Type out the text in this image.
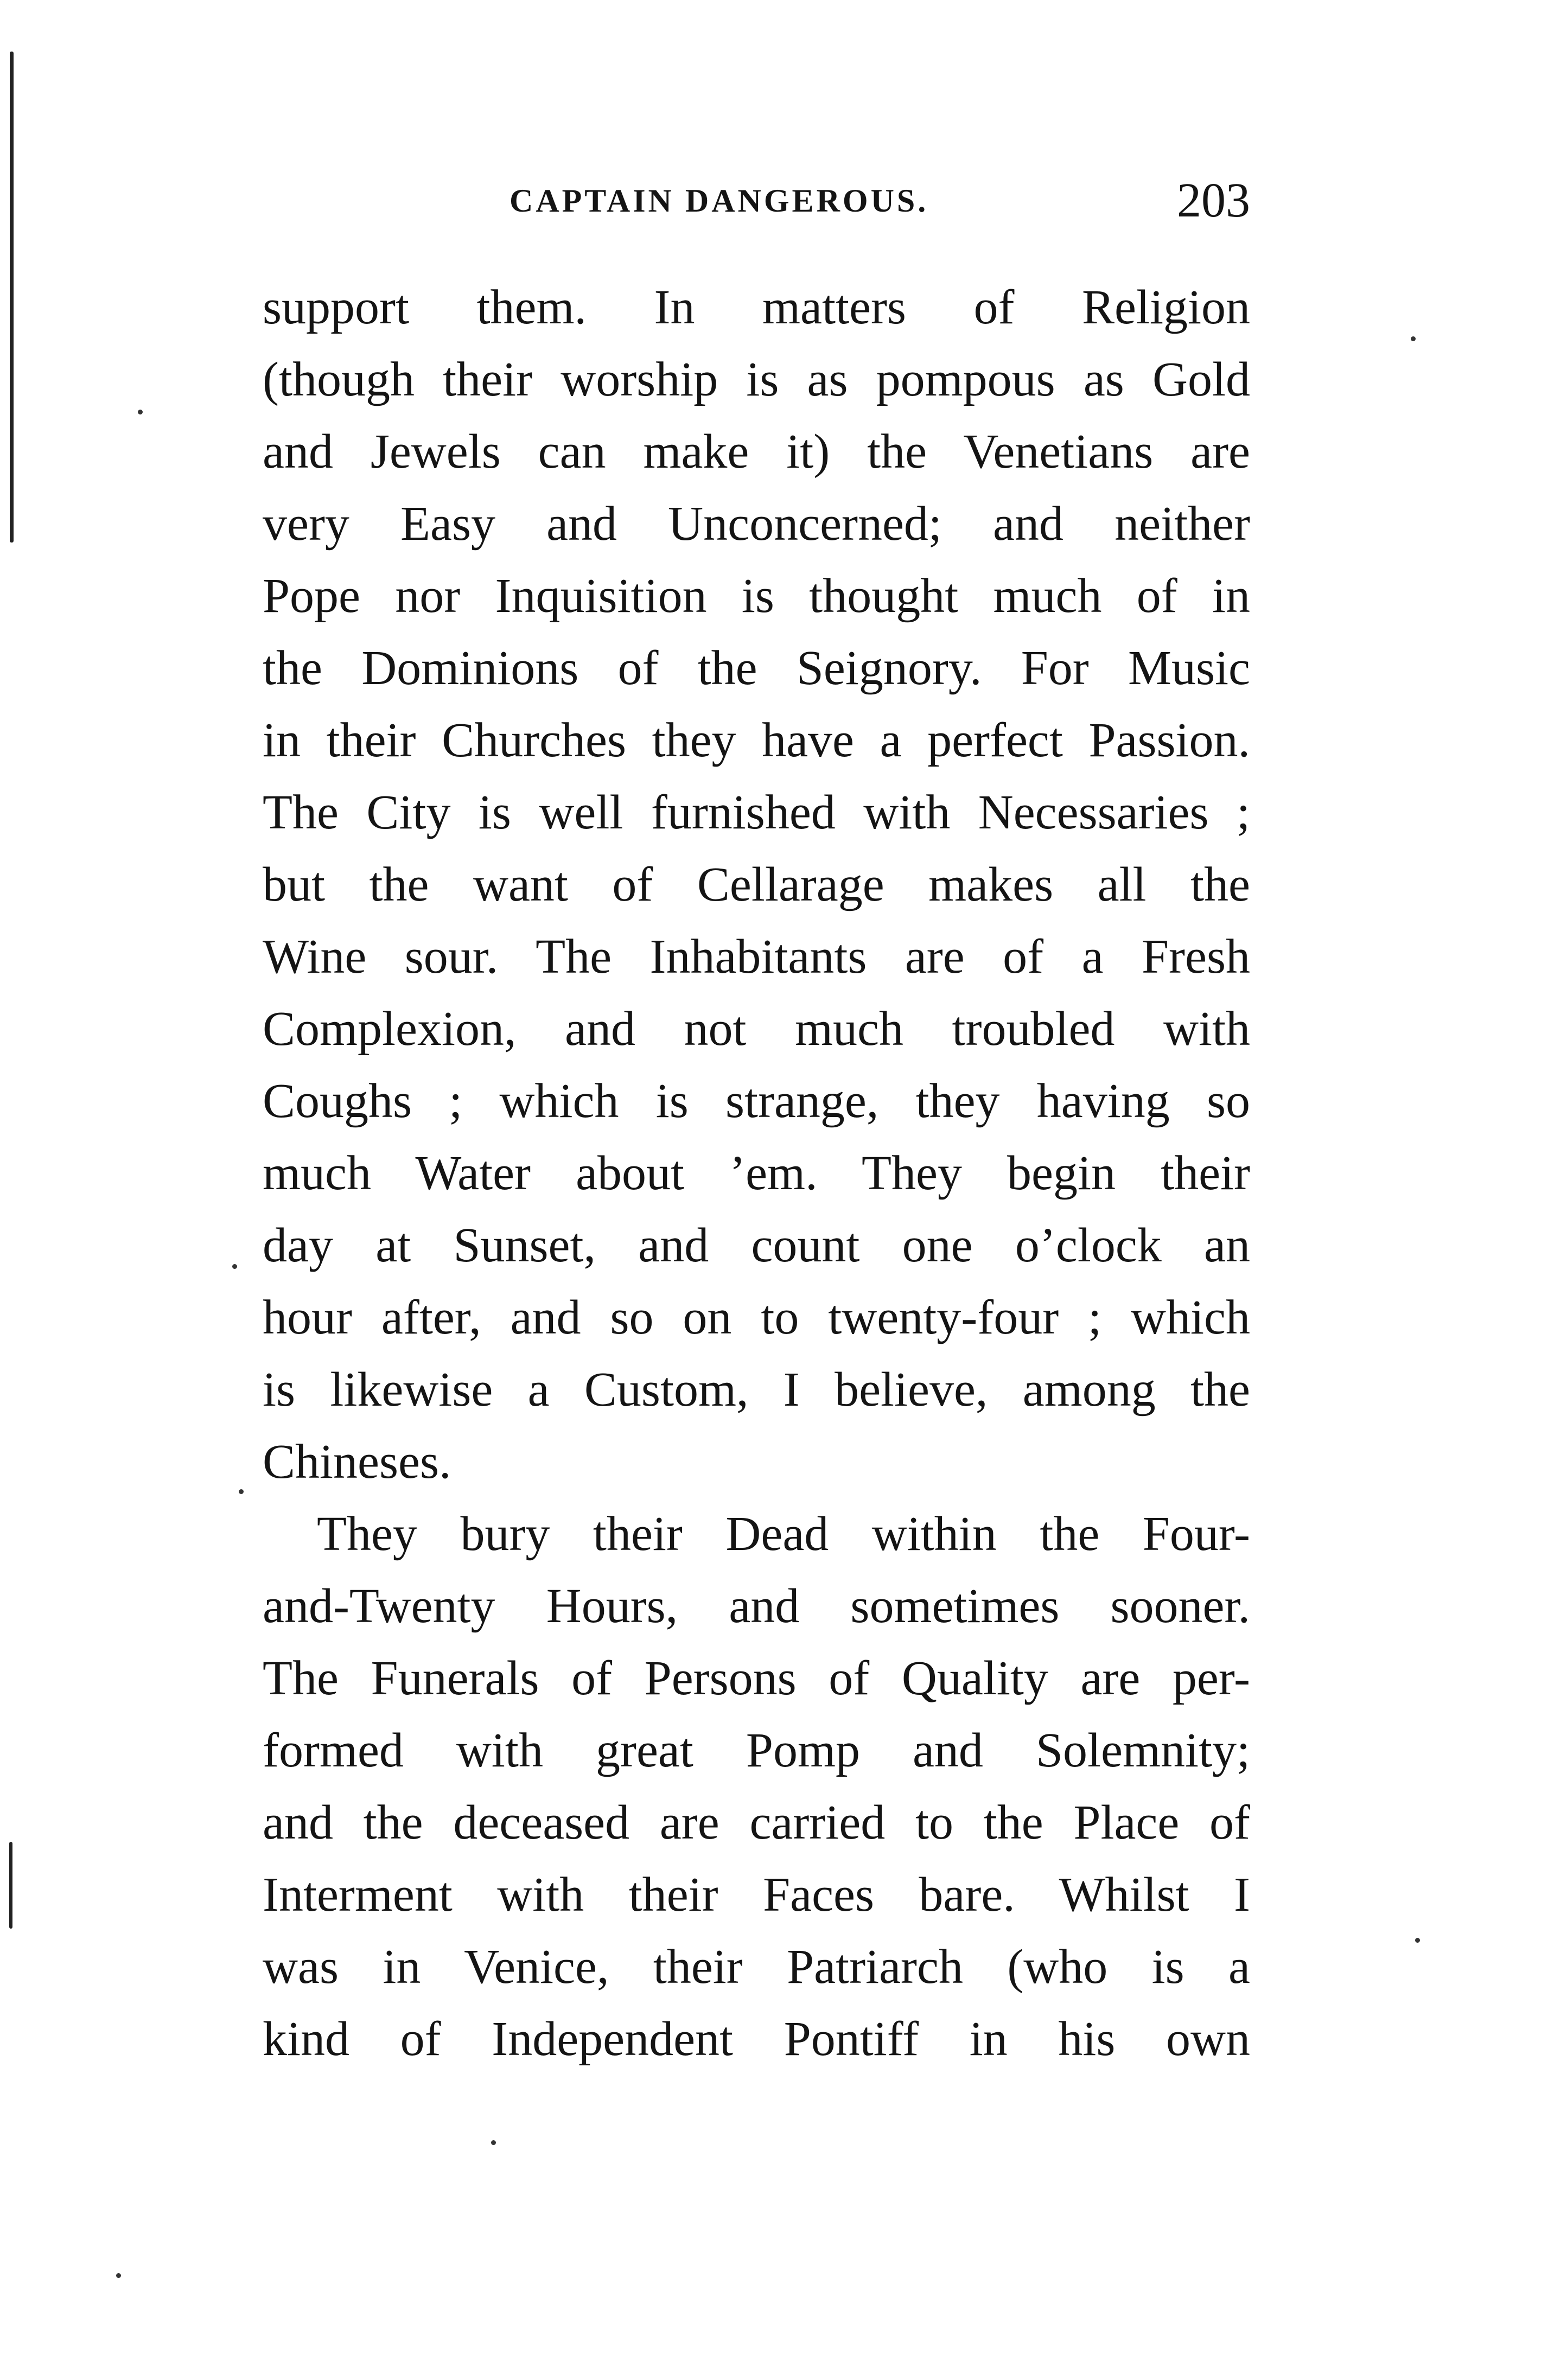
CAPTAIN DANGEROUS.	203
support them. In matters of Religion
(though their worship is as pompous as Gold
and Jewels can make it) the Venetians are
very Easy and Unconcerned; and neither
Pope nor Inquisition is thought much of in
the Dominions of the Seignory. For Music
in their Churches they have a perfect Passion.
The City is well furnished with Necessaries ;
but the want of Cellarage makes all the
Wine sour. The Inhabitants are of a Fresh
Complexion, and not much troubled with
Coughs ; which is strange, they having so
much Water about ’em. They begin their
day at Sunset, and count one o’clock an
hour after, and so on to twenty-four ; which
is likewise a Custom, I believe, among the
Chineses.
They bury their Dead within the Four-
and-Twenty Hours, and sometimes sooner.
The Funerals of Persons of Quality are per-
formed with great Pomp and Solemnity;
and the deceased are carried to the Place of
Interment with their Faces bare. Whilst I
was in Venice, their Patriarch (who is a
kind of Independent Pontiff in his own
